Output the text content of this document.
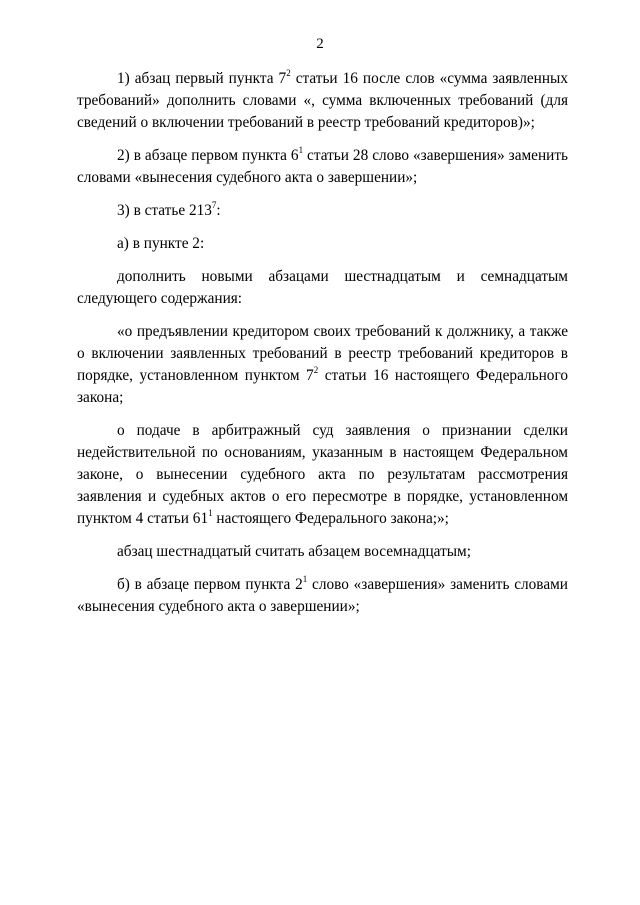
2

1) абзац первый пункта $7^2$ статьи 16 после слов «сумма заявленных требований» дополнить словами «, сумма включенных требований (для сведений о включении требований в реестр требований кредиторов)»;

2) в абзаце первом пункта $6^1$ статьи 28 слово «завершения» заменить словами «вынесения судебного акта о завершении»;

3) в статье $213^7$:

а) в пункте 2:

дополнить новыми абзацами шестнадцатым и семнадцатым следующего содержания:

«о предъявлении кредитором своих требований к должнику, а также о включении заявленных требований в реестр требований кредиторов в порядке, установленном пунктом $7^2$ статьи 16 настоящего Федерального закона;

о подаче в арбитражный суд заявления о признании сделки недействительной по основаниям, указанным в настоящем Федеральном законе, о вынесении судебного акта по результатам рассмотрения заявления и судебных актов о его пересмотре в порядке, установленном пунктом 4 статьи $61^1$ настоящего Федерального закона;»;

абзац шестнадцатый считать абзацем восемнадцатым;

б) в абзаце первом пункта $2^1$ слово «завершения» заменить словами «вынесения судебного акта о завершении»;
